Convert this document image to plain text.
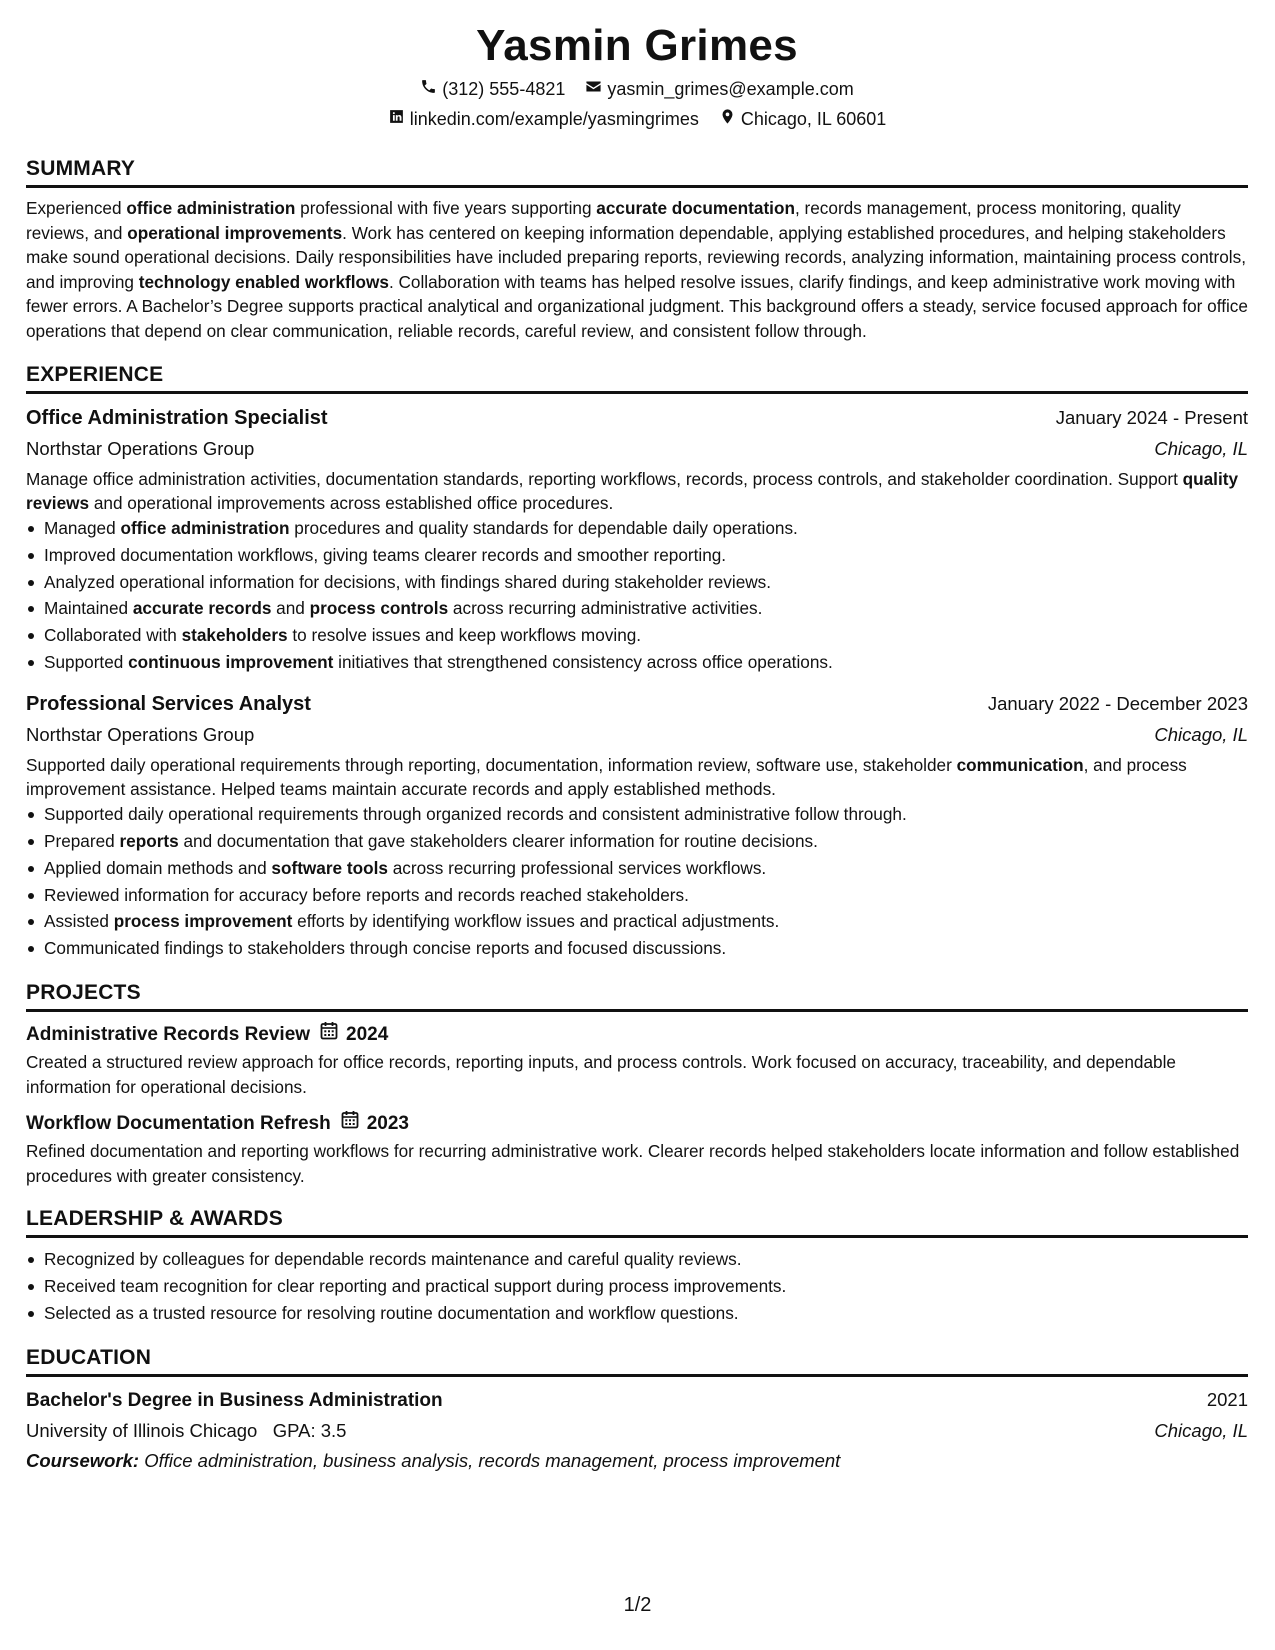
Yasmin Grimes
(312) 555-4821 yasmin_grimes@example.com
linkedin.com/example/yasmingrimes Chicago, IL 60601
SUMMARY
Experienced office administration professional with five years supporting accurate documentation, records management, process monitoring, quality reviews, and operational improvements. Work has centered on keeping information dependable, applying established procedures, and helping stakeholders make sound operational decisions. Daily responsibilities have included preparing reports, reviewing records, analyzing information, maintaining process controls, and improving technology enabled workflows. Collaboration with teams has helped resolve issues, clarify findings, and keep administrative work moving with fewer errors. A Bachelor’s Degree supports practical analytical and organizational judgment. This background offers a steady, service focused approach for office operations that depend on clear communication, reliable records, careful review, and consistent follow through.
EXPERIENCE
Office Administration Specialist	January 2024 - Present
Northstar Operations Group	Chicago, IL
Manage office administration activities, documentation standards, reporting workflows, records, process controls, and stakeholder coordination. Support quality reviews and operational improvements across established office procedures.
Managed office administration procedures and quality standards for dependable daily operations.
Improved documentation workflows, giving teams clearer records and smoother reporting.
Analyzed operational information for decisions, with findings shared during stakeholder reviews.
Maintained accurate records and process controls across recurring administrative activities.
Collaborated with stakeholders to resolve issues and keep workflows moving.
Supported continuous improvement initiatives that strengthened consistency across office operations.
Professional Services Analyst	January 2022 - December 2023
Northstar Operations Group	Chicago, IL
Supported daily operational requirements through reporting, documentation, information review, software use, stakeholder communication, and process improvement assistance. Helped teams maintain accurate records and apply established methods.
Supported daily operational requirements through organized records and consistent administrative follow through.
Prepared reports and documentation that gave stakeholders clearer information for routine decisions.
Applied domain methods and software tools across recurring professional services workflows.
Reviewed information for accuracy before reports and records reached stakeholders.
Assisted process improvement efforts by identifying workflow issues and practical adjustments.
Communicated findings to stakeholders through concise reports and focused discussions.
PROJECTS
Administrative Records Review 2024
Created a structured review approach for office records, reporting inputs, and process controls. Work focused on accuracy, traceability, and dependable information for operational decisions.
Workflow Documentation Refresh 2023
Refined documentation and reporting workflows for recurring administrative work. Clearer records helped stakeholders locate information and follow established procedures with greater consistency.
LEADERSHIP & AWARDS
Recognized by colleagues for dependable records maintenance and careful quality reviews.
Received team recognition for clear reporting and practical support during process improvements.
Selected as a trusted resource for resolving routine documentation and workflow questions.
EDUCATION
Bachelor's Degree in Business Administration	2021
University of Illinois Chicago GPA: 3.5	Chicago, IL
Coursework: Office administration, business analysis, records management, process improvement
1/2
